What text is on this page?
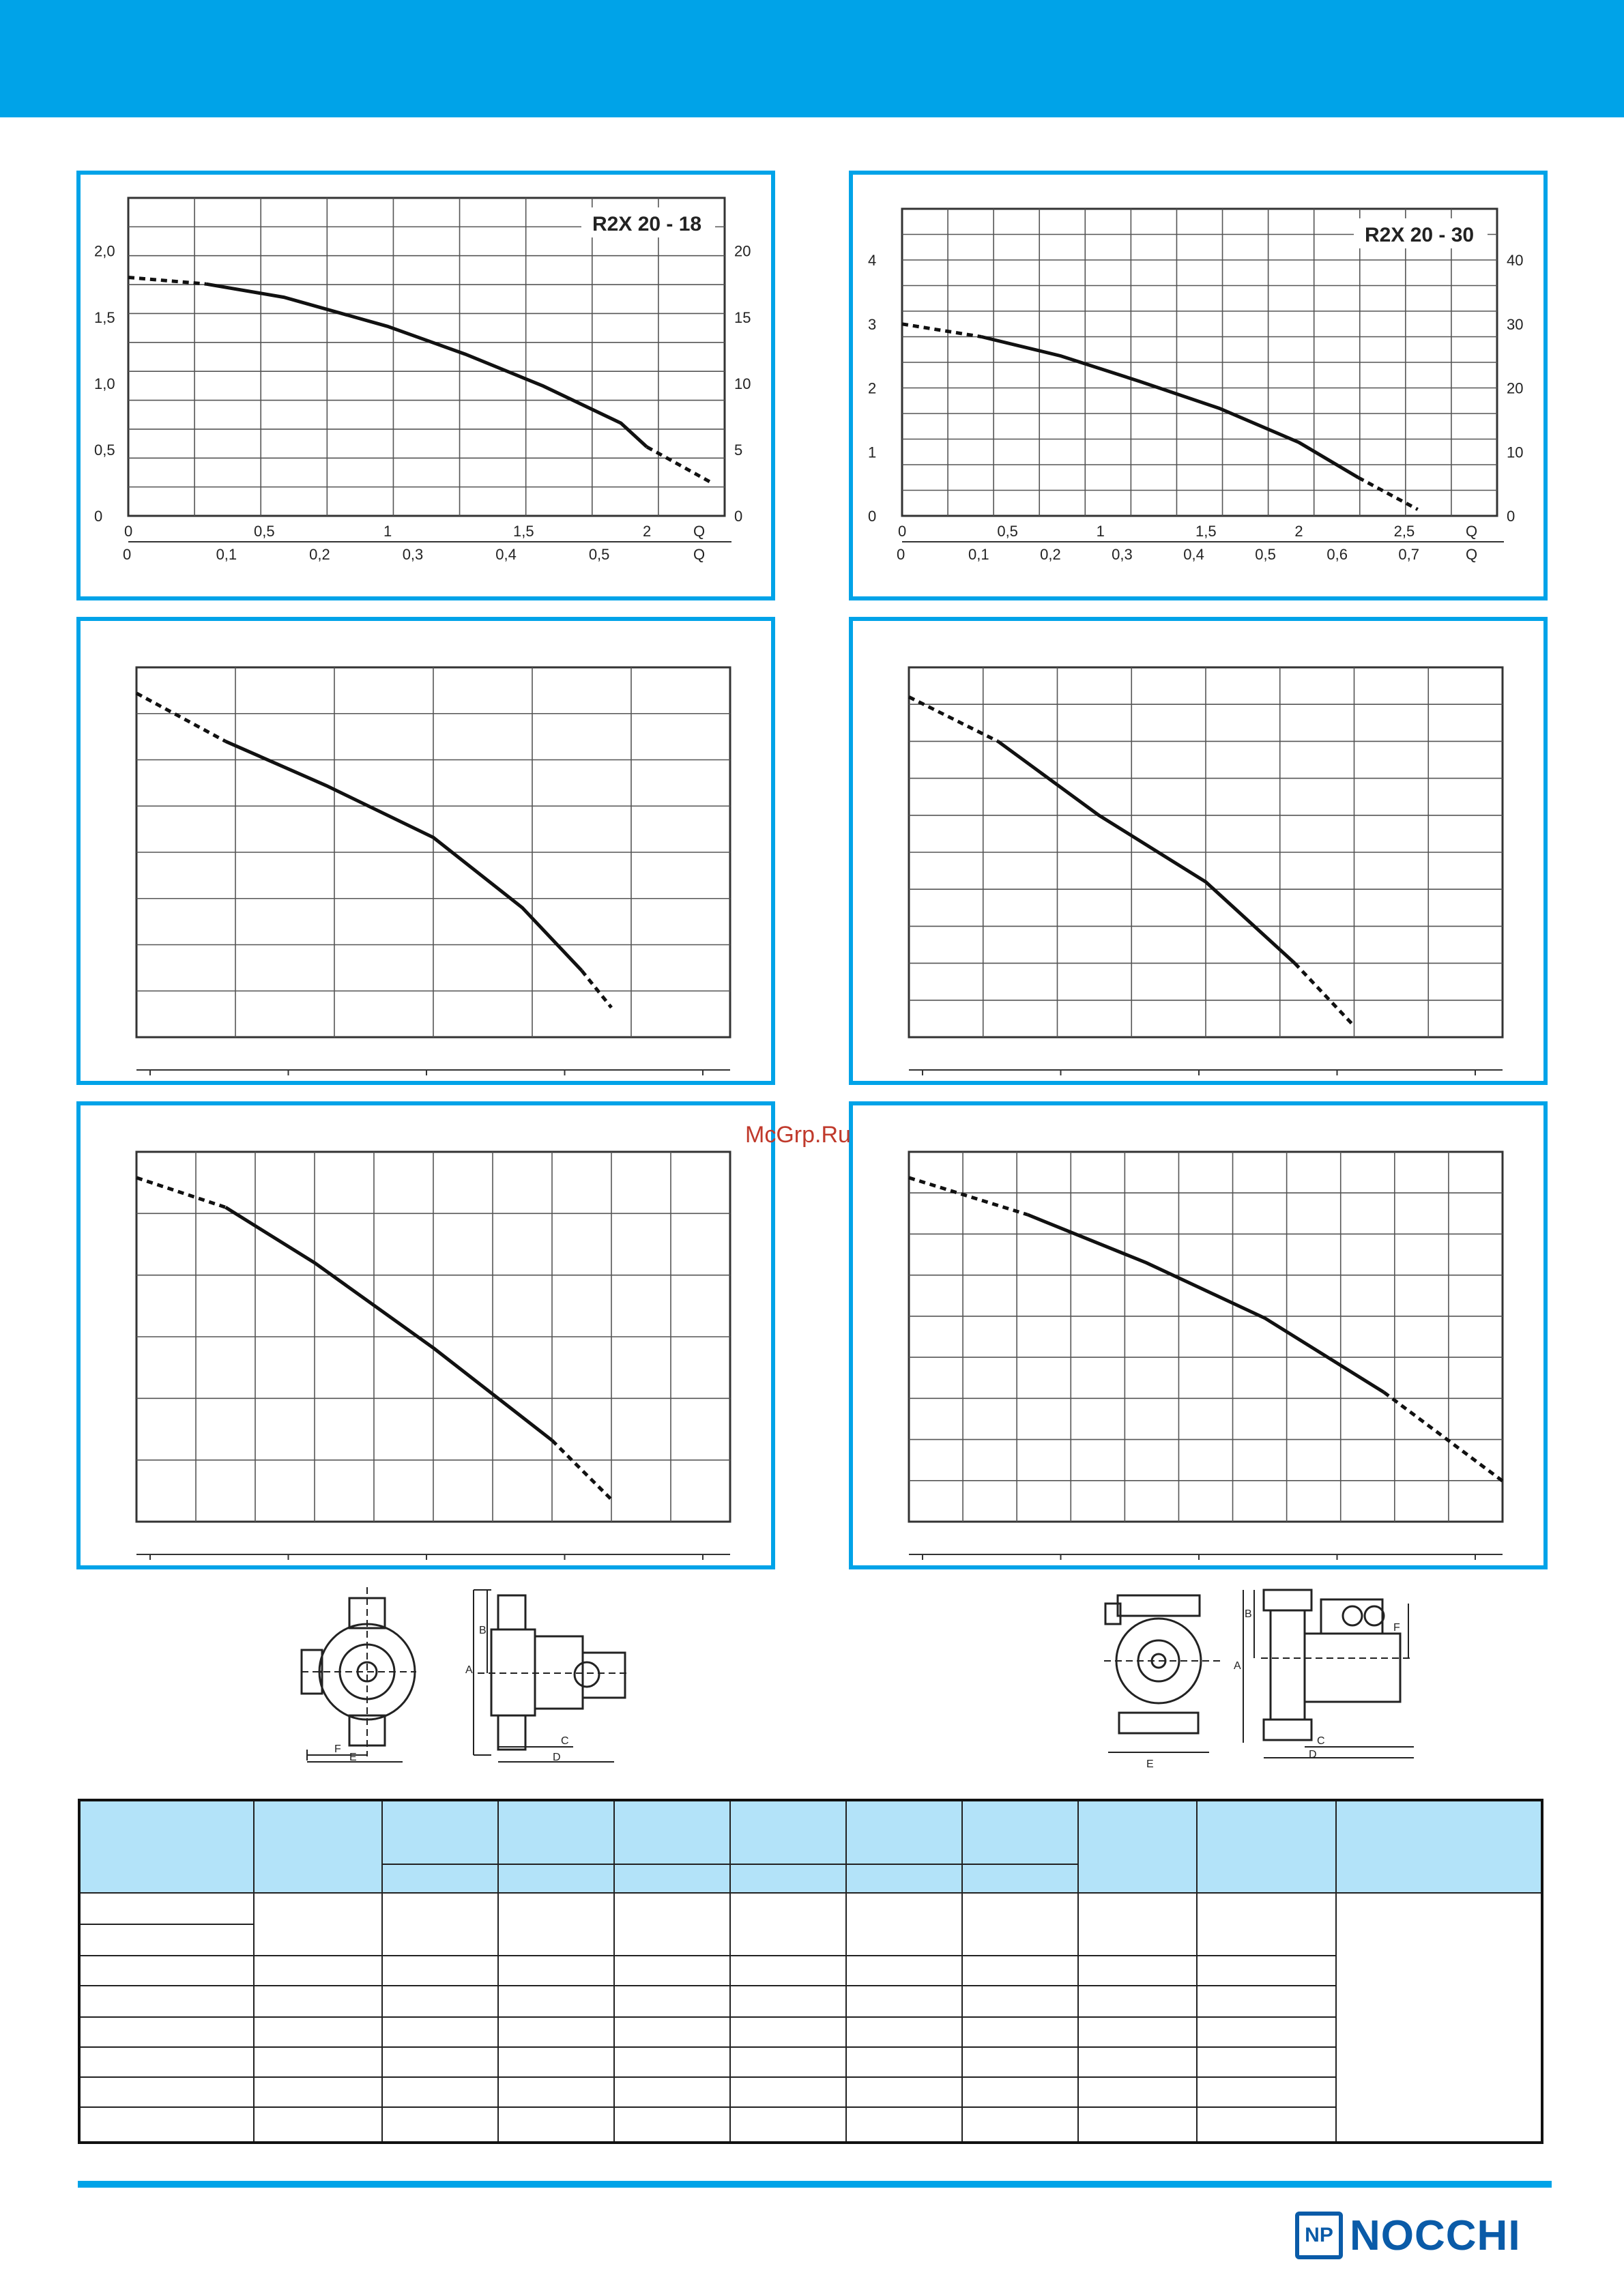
R2X 20 - 18
0
0,5
1,0
1,5
2,0
0
5
10
15
20
0	0,5	1	1,5	2	Q
0	0,1	0,2	0,3	0,4	0,5	Q
R2X 20 - 30
0
1
2
3
4
0
10
20
30
40
0	0,5	1	1,5	2	2,5	Q
0	0,1	0,2	0,3	0,4	0,5	0,6	0,7	Q
McGrp.Ru
A
B
C
D
E
F
A
B
C
D
E
F
NP NOCCHI
